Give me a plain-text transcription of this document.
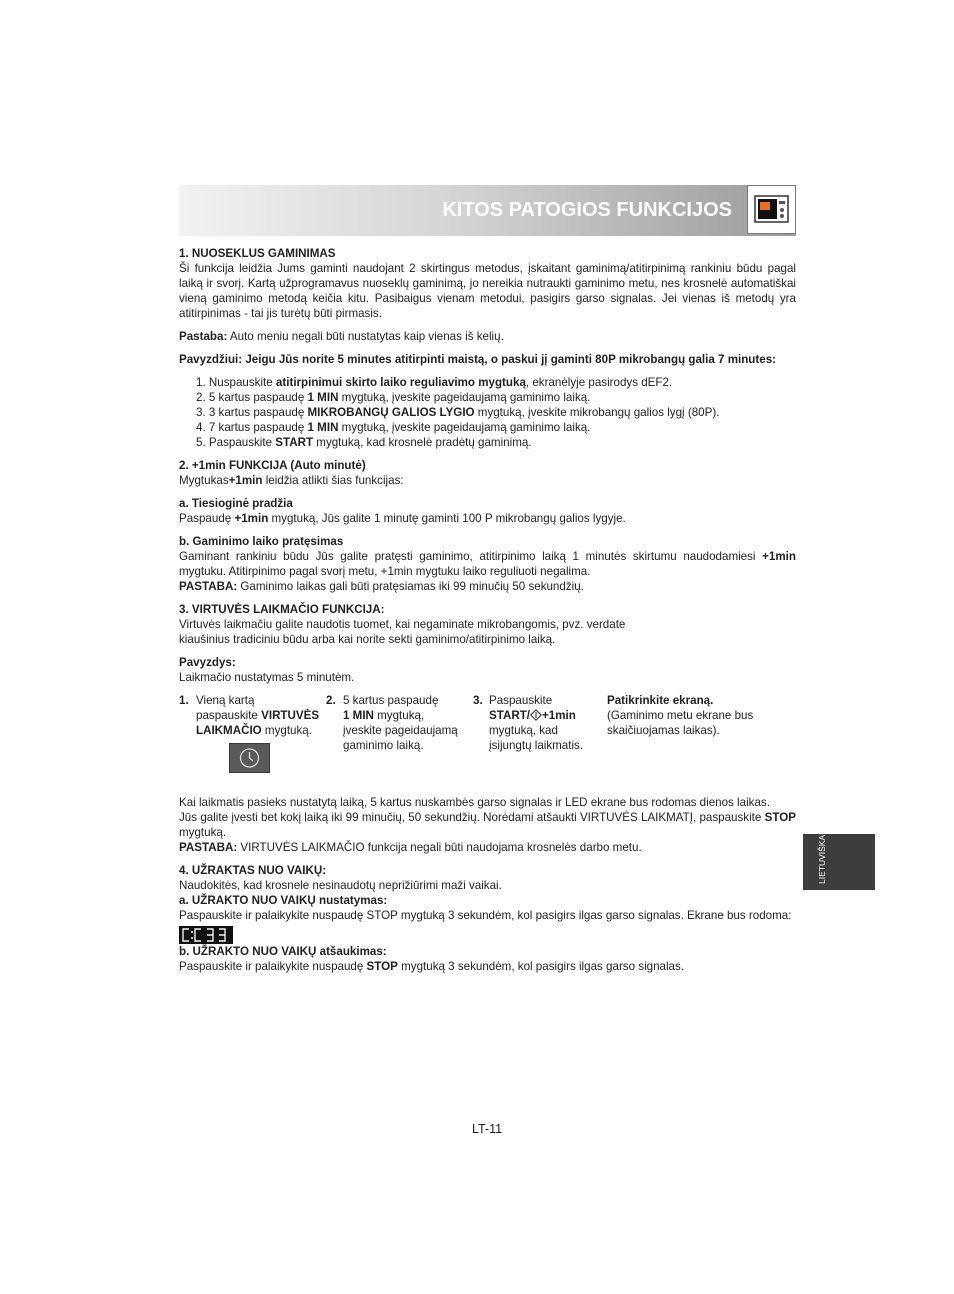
KITOS PATOGIOS FUNKCIJOS

1. NUOSEKLUS GAMINIMAS

Ši funkcija leidžia Jums gaminti naudojant 2 skirtingus metodus, įskaitant gaminimą/atitirpinimą rankiniu būdu pagal laiką ir svorį. Kartą užprogramavus nuoseklų gaminimą, jo nereikia nutraukti gaminimo metu, nes krosnelė automatiškai vieną gaminimo metodą keičia kitu. Pasibaigus vienam metodui, pasigirs garso signalas. Jei vienas iš metodų yra atitirpinimas - tai jis turėtų būti pirmasis.

Pastaba: Auto meniu negali būti nustatytas kaip vienas iš kelių.

Pavyzdžiui: Jeigu Jūs norite 5 minutes atitirpinti maistą, o paskui jį gaminti 80P mikrobangų galia 7 minutes:

1. Nuspauskite atitirpinimui skirto laiko reguliavimo mygtuką, ekranėlyje pasirodys dEF2.
2. 5 kartus paspaudę 1 MIN mygtuką, įveskite pageidaujamą gaminimo laiką.
3. 3 kartus paspaudę MIKROBANGŲ GALIOS LYGIO mygtuką, įveskite mikrobangų galios lygį (80P).
4. 7 kartus paspaudę 1 MIN mygtuką, įveskite pageidaujamą gaminimo laiką.
5. Paspauskite START mygtuką, kad krosnelė pradėtų gaminimą.

2. +1min FUNKCIJA (Auto minutė)

Mygtukas+1min leidžia atlikti šias funkcijas:

a. Tiesioginė pradžia

Paspaudę +1min mygtuką, Jūs galite 1 minutę gaminti 100 P mikrobangų galios lygyje.

b. Gaminimo laiko pratęsimas

Gaminant rankiniu būdu Jūs galite pratęsti gaminimo, atitirpinimo laiką 1 minutės skirtumu naudodamiesi +1min mygtuku. Atitirpinimo pagal svorį metu, +1min mygtuku laiko reguliuoti negalima.

PASTABA: Gaminimo laikas gali būti pratęsiamas iki 99 minučių 50 sekundžių.

3. VIRTUVĖS LAIKMAČIO FUNKCIJA:

Virtuvės laikmačiu galite naudotis tuomet, kai negaminate mikrobangomis, pvz. verdate

kiaušinius tradiciniu būdu arba kai norite sekti gaminimo/atitirpinimo laiką.

Pavyzdys:

Laikmačio nustatymas 5 minutėm.

1. Vieną kartą
paspauskite VIRTUVĖS
LAIKMAČIO mygtuką.
2. 5 kartus paspaudę
1 MIN mygtuką,
įveskite pageidaujamą
gaminimo laiką.
3. Paspauskite
START/ +1min
mygtuką, kad
įsijungtų laikmatis.
Patikrinkite ekraną.
(Gaminimo metu ekrane bus
skaičiuojamas laikas).

Kai laikmatis pasieks nustatytą laiką, 5 kartus nuskambės garso signalas ir LED ekrane bus rodomas dienos laikas.

Jūs galite įvesti bet kokį laiką iki 99 minučių, 50 sekundžių. Norėdami atšaukti VIRTUVĖS LAIKMATĮ, paspauskite STOP mygtuką.

PASTABA: VIRTUVĖS LAIKMAČIO funkcija negali būti naudojama krosnelės darbo metu.

4. UŽRAKTAS NUO VAIKŲ:

Naudokitės, kad krosnele nesinaudotų neprižiūrimi maži vaikai.

a. UŽRAKTO NUO VAIKŲ nustatymas:

Paspauskite ir palaikykite nuspaudę STOP mygtuką 3 sekundėm, kol pasigirs ilgas garso signalas. Ekrane bus rodoma:

b. UŽRAKTO NUO VAIKŲ atšaukimas:

Paspauskite ir palaikykite nuspaudę STOP mygtuką 3 sekundėm, kol pasigirs ilgas garso signalas.

LIETUVIŠKAI
LT-11
